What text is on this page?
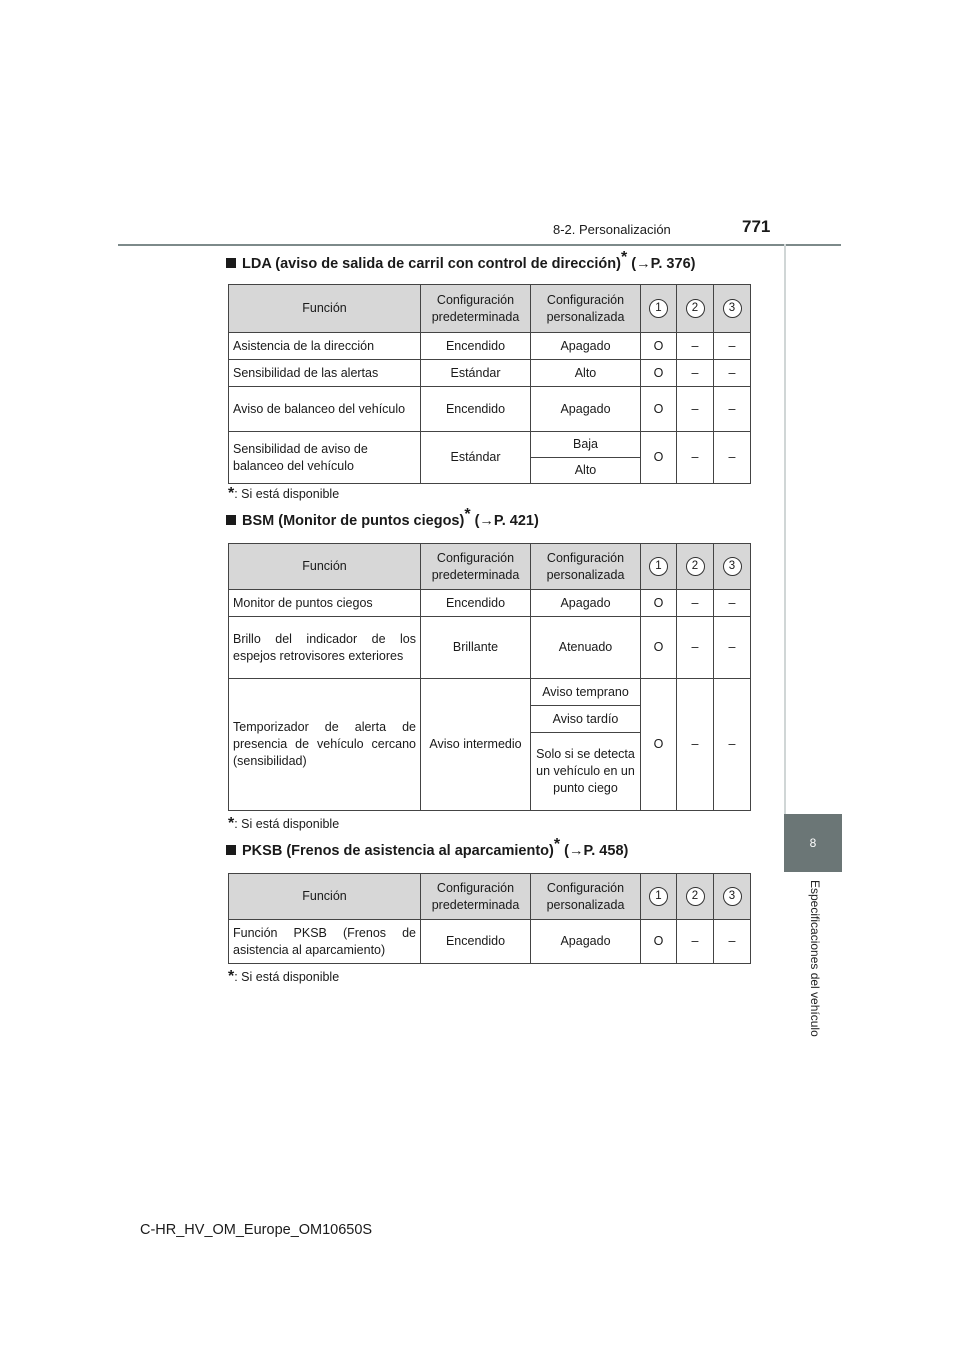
8-2. Personalización	771
8
Especificaciones del vehículo
LDA (aviso de salida de carril con control de dirección)* (→P. 376)
Función	Configuración predeterminada	Configuración personalizada	1	2	3
Asistencia de la dirección	Encendido	Apagado	O	–	–
Sensibilidad de las alertas	Estándar	Alto	O	–	–
Aviso de balanceo del vehículo	Encendido	Apagado	O	–	–
Sensibilidad de aviso de balanceo del vehículo	Estándar	Baja	O	–	–
		Alto			
*: Si está disponible
BSM (Monitor de puntos ciegos)* (→P. 421)
Función	Configuración predeterminada	Configuración personalizada	1	2	3
Monitor de puntos ciegos	Encendido	Apagado	O	–	–
Brillo del indicador de los espejos retrovisores exteriores	Brillante	Atenuado	O	–	–
Temporizador de alerta de presencia de vehículo cercano (sensibilidad)	Aviso intermedio	Aviso temprano	O	–	–
		Aviso tardío			
		Solo si se detecta un vehículo en un punto ciego			
*: Si está disponible
PKSB (Frenos de asistencia al aparcamiento)* (→P. 458)
Función	Configuración predeterminada	Configuración personalizada	1	2	3
Función PKSB (Frenos de asistencia al aparcamiento)	Encendido	Apagado	O	–	–
*: Si está disponible
C-HR_HV_OM_Europe_OM10650S
